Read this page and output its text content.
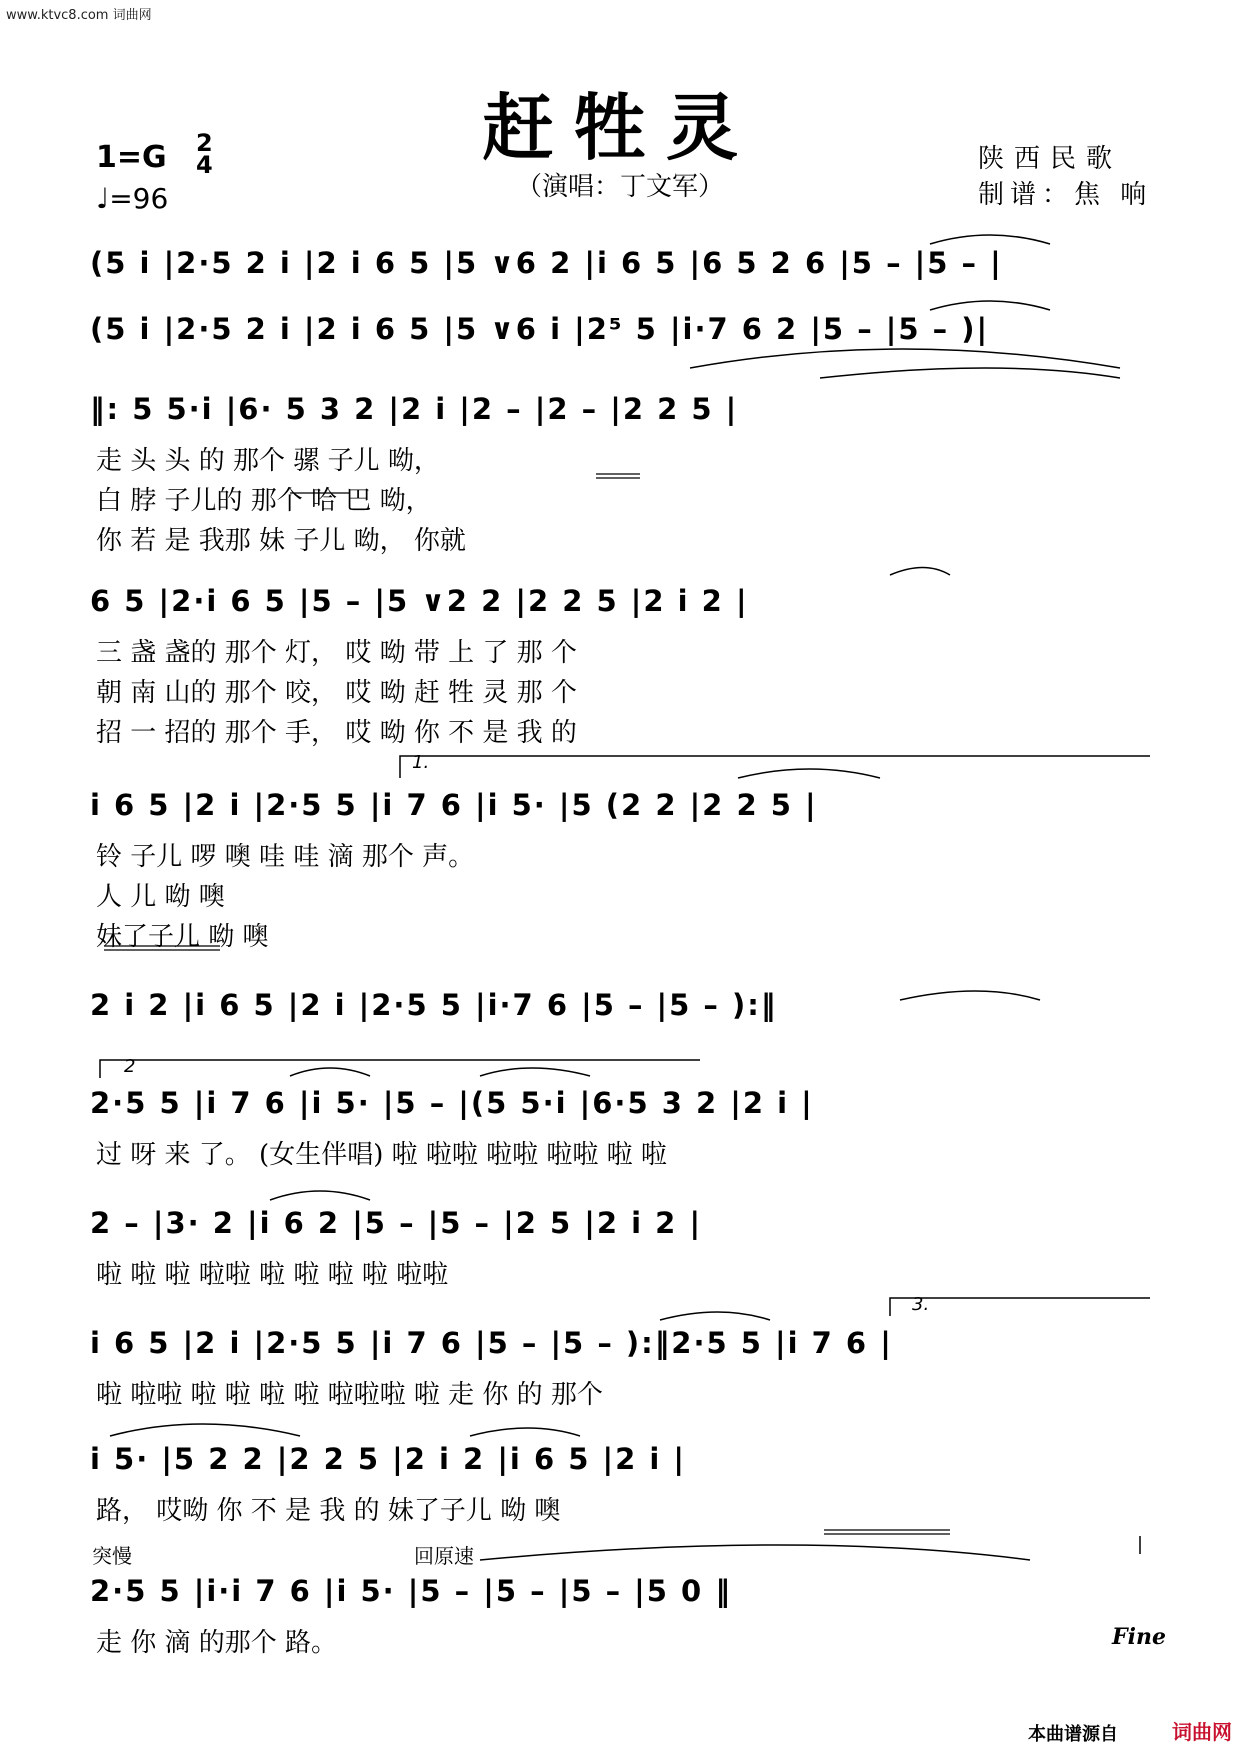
www.ktvc8.com 词曲网
赶牲灵
（演唱：丁文军）
1=G 2
4
♩=96
陕西民歌
制谱：焦 响
(5 i |2·5 2 i |2 i 6 5 |5 ∨6 2 |i 6 5 |6 5 2 6 |5 – |5 – |
(5 i |2·5 2 i |2 i 6 5 |5 ∨6 i |2⁵ 5 |i·7 6 2 |5 – |5 – )|
‖: 5 5·i |6· 5 3 2 |2 i |2 – |2 – |2 2 5 |
走 头 头 的 那个 骡 子儿 呦，
白 脖 子儿的 那个 哈 巴 呦，
你 若 是 我那 妹 子儿 呦， 你就
6 5 |2·i 6 5 |5 – |5 ∨2 2 |2 2 5 |2 i 2 |
三 盏 盏的 那个 灯， 哎 呦 带 上 了 那 个
朝 南 山的 那个 咬， 哎 呦 赶 牲 灵 那 个
招 一 招的 那个 手， 哎 呦 你 不 是 我 的
1.
i 6 5 |2 i |2·5 5 |i 7 6 |i 5· |5 (2 2 |2 2 5 |
铃 子儿 啰 噢 哇 哇 滴 那个 声。
人 儿 呦 噢
妹了子儿 呦 噢
2 i 2 |i 6 5 |2 i |2·5 5 |i·7 6 |5 – |5 – ):‖
2
2·5 5 |i 7 6 |i 5· |5 – |(5 5·i |6·5 3 2 |2 i |
过 呀 来 了。 (女生伴唱) 啦 啦啦 啦啦 啦啦 啦 啦
2 – |3· 2 |i 6 2 |5 – |5 – |2 5 |2 i 2 |
啦 啦 啦 啦啦 啦 啦 啦 啦 啦啦
3.
i 6 5 |2 i |2·5 5 |i 7 6 |5 – |5 – ):‖2·5 5 |i 7 6 |
啦 啦啦 啦 啦 啦 啦 啦啦啦 啦 走 你 的 那个
i 5· |5 2 2 |2 2 5 |2 i 2 |i 6 5 |2 i |
路， 哎呦 你 不 是 我 的 妹了子儿 呦 噢
突慢	回原速
2·5 5 |i·i 7 6 |i 5· |5 – |5 – |5 – |5 0 ‖
走 你 滴 的那个 路。	Fine
本曲谱源自	词曲网
